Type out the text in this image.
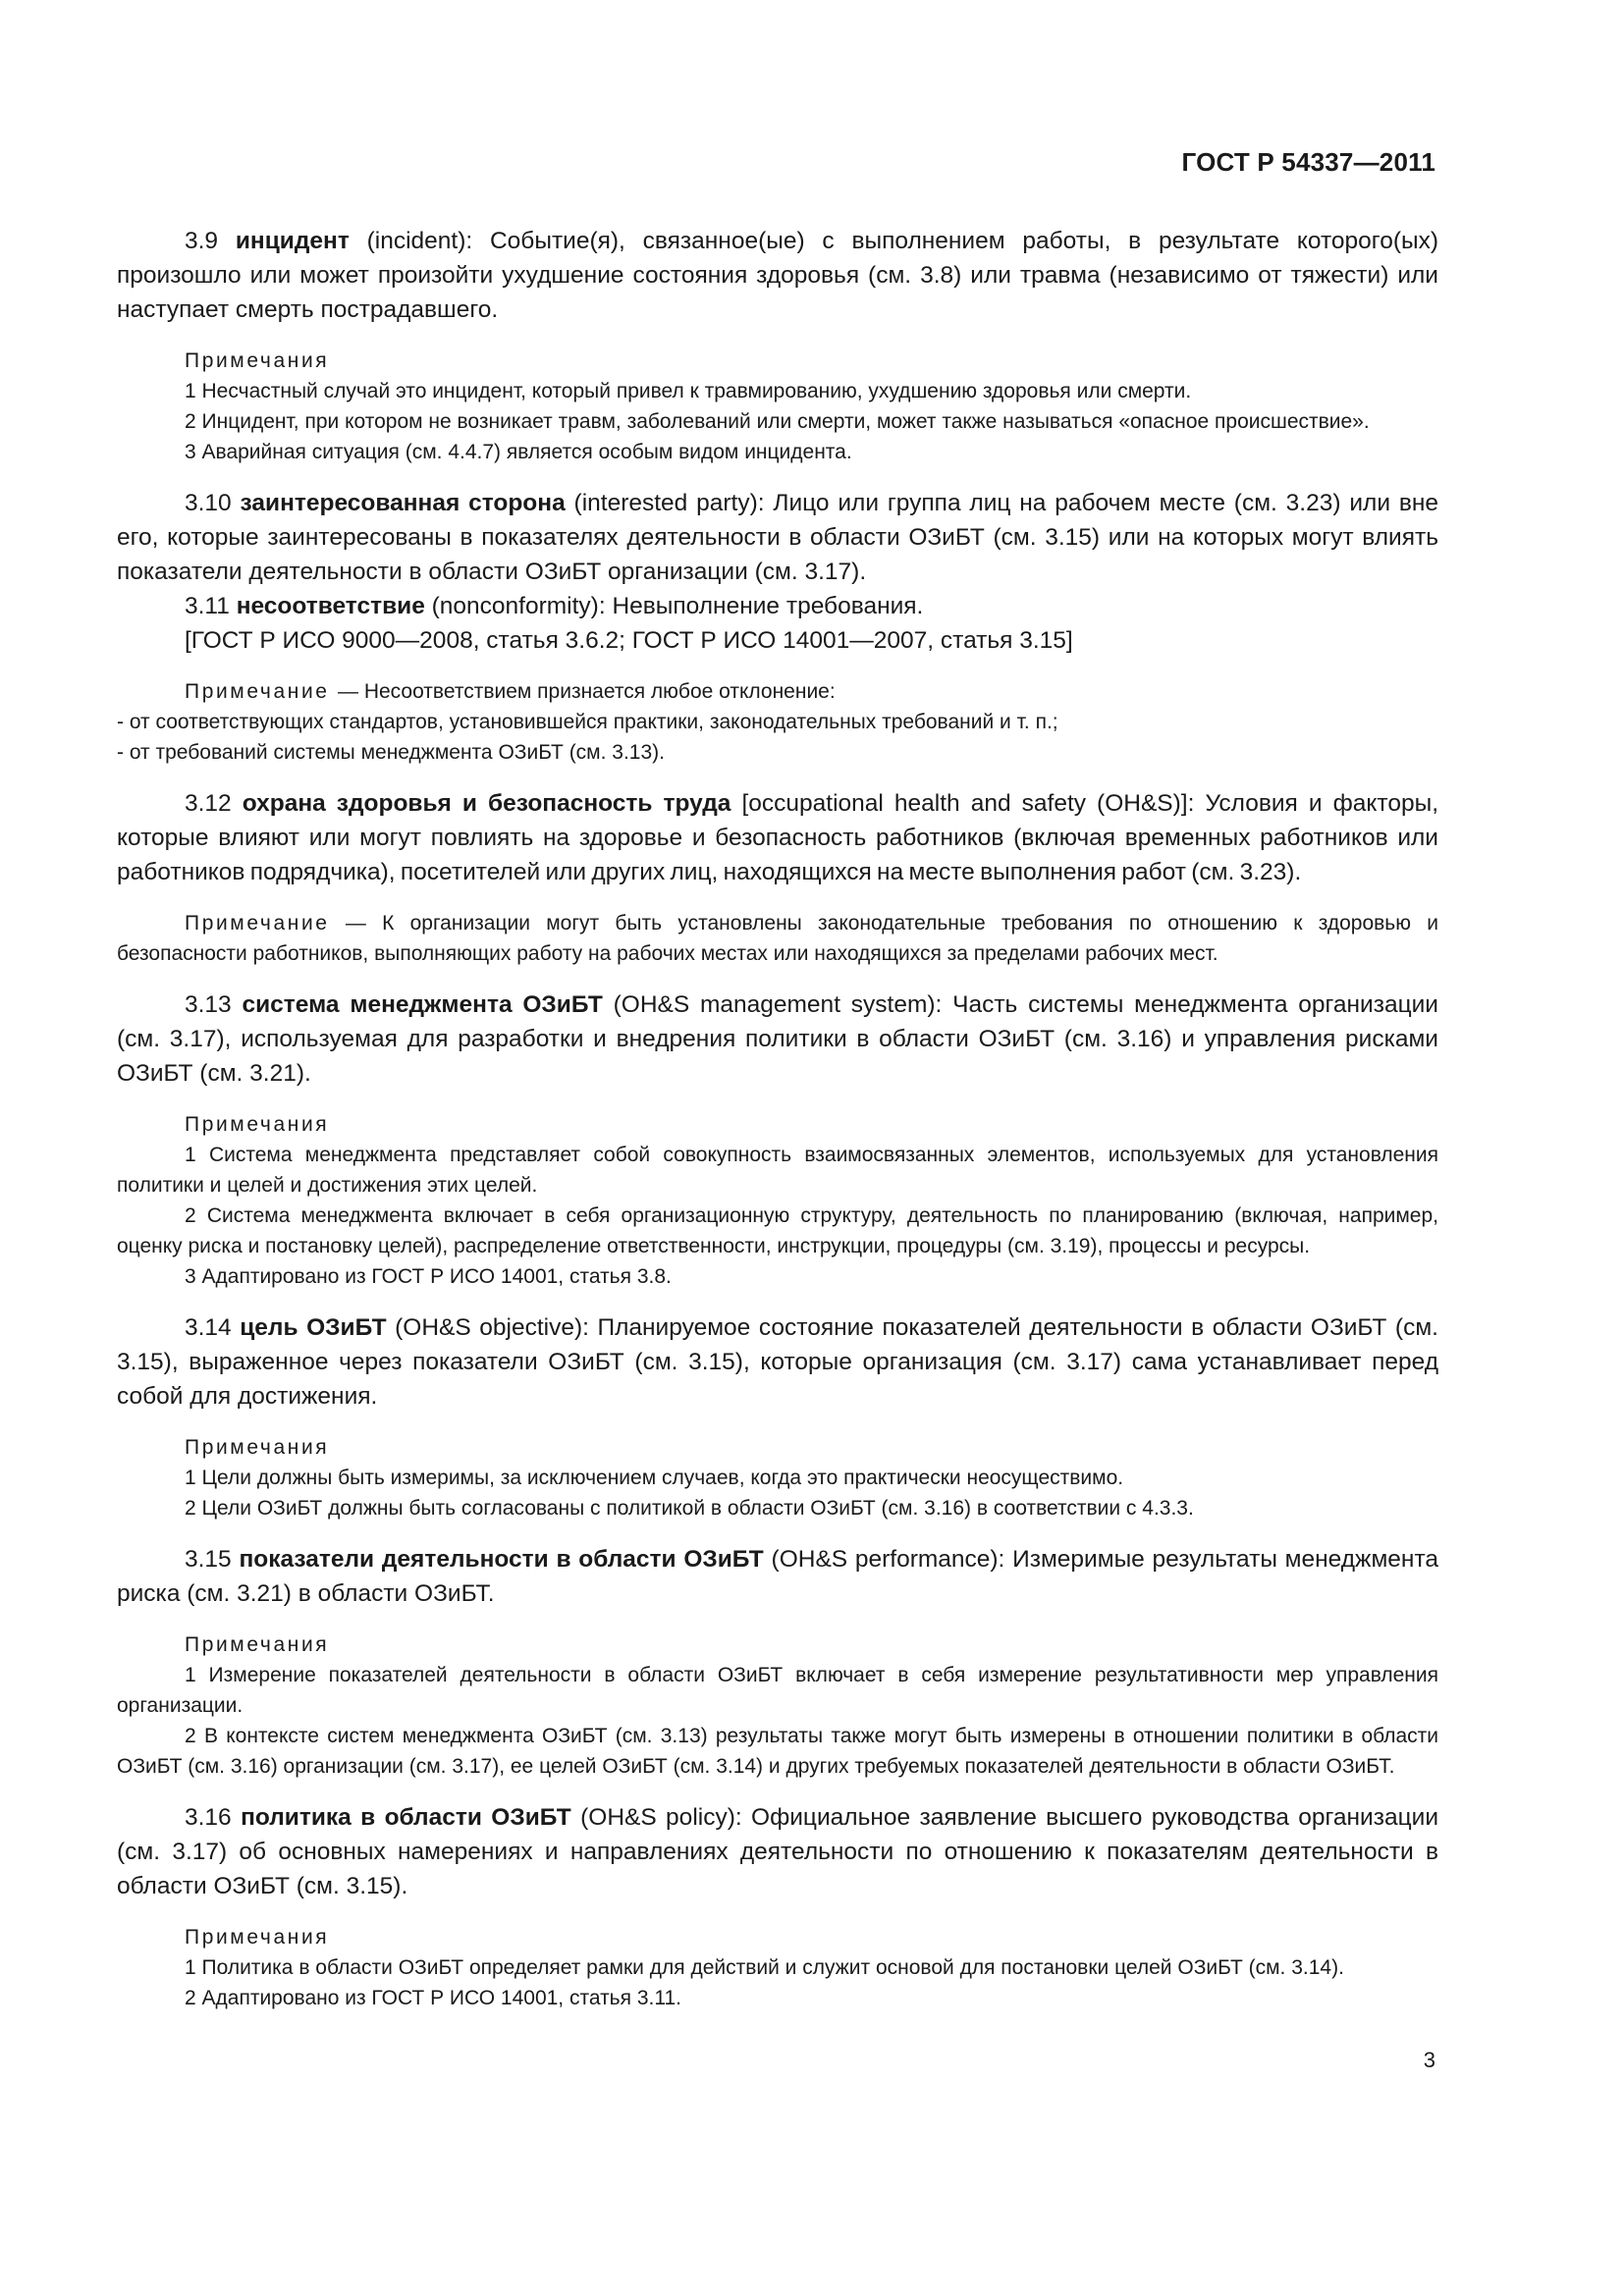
ГОСТ Р 54337—2011

3.9 инцидент (incident): Событие(я), связанное(ые) с выполнением работы, в результате которого(ых) произошло или может произойти ухудшение состояния здоровья (см. 3.8) или травма (независимо от тяжести) или наступает смерть пострадавшего.

Примечания

1 Несчастный случай это инцидент, который привел к травмированию, ухудшению здоровья или смерти.

2 Инцидент, при котором не возникает травм, заболеваний или смерти, может также называться «опасное происшествие».

3 Аварийная ситуация (см. 4.4.7) является особым видом инцидента.

3.10 заинтересованная сторона (interested party): Лицо или группа лиц на рабочем месте (см. 3.23) или вне его, которые заинтересованы в показателях деятельности в области ОЗиБТ (см. 3.15) или на которых могут влиять показатели деятельности в области ОЗиБТ организации (см. 3.17).

3.11 несоответствие (nonconformity): Невыполнение требования.

[ГОСТ Р ИСО 9000—2008, статья 3.6.2; ГОСТ Р ИСО 14001—2007, статья 3.15]

Примечание — Несоответствием признается любое отклонение:

- от соответствующих стандартов, установившейся практики, законодательных требований и т. п.;

- от требований системы менеджмента ОЗиБТ (см. 3.13).

3.12 охрана здоровья и безопасность труда [occupational health and safety (OH&S)]: Условия и факторы, которые влияют или могут повлиять на здоровье и безопасность работников (включая временных работников или работников подрядчика), посетителей или других лиц, находящихся на месте выполнения работ (см. 3.23).

Примечание — К организации могут быть установлены законодательные требования по отношению к здоровью и безопасности работников, выполняющих работу на рабочих местах или находящихся за пределами рабочих мест.

3.13 система менеджмента ОЗиБТ (OH&S management system): Часть системы менеджмента организации (см. 3.17), используемая для разработки и внедрения политики в области ОЗиБТ (см. 3.16) и управления рисками ОЗиБТ (см. 3.21).

Примечания

1 Система менеджмента представляет собой совокупность взаимосвязанных элементов, используемых для установления политики и целей и достижения этих целей.

2 Система менеджмента включает в себя организационную структуру, деятельность по планированию (включая, например, оценку риска и постановку целей), распределение ответственности, инструкции, процедуры (см. 3.19), процессы и ресурсы.

3 Адаптировано из ГОСТ Р ИСО 14001, статья 3.8.

3.14 цель ОЗиБТ (OH&S objective): Планируемое состояние показателей деятельности в области ОЗиБТ (см. 3.15), выраженное через показатели ОЗиБТ (см. 3.15), которые организация (см. 3.17) сама устанавливает перед собой для достижения.

Примечания

1 Цели должны быть измеримы, за исключением случаев, когда это практически неосуществимо.

2 Цели ОЗиБТ должны быть согласованы с политикой в области ОЗиБТ (см. 3.16) в соответствии с 4.3.3.

3.15 показатели деятельности в области ОЗиБТ (OH&S performance): Измеримые результаты менеджмента риска (см. 3.21) в области ОЗиБТ.

Примечания

1 Измерение показателей деятельности в области ОЗиБТ включает в себя измерение результативности мер управления организации.

2 В контексте систем менеджмента ОЗиБТ (см. 3.13) результаты также могут быть измерены в отношении политики в области ОЗиБТ (см. 3.16) организации (см. 3.17), ее целей ОЗиБТ (см. 3.14) и других требуемых показателей деятельности в области ОЗиБТ.

3.16 политика в области ОЗиБТ (OH&S policy): Официальное заявление высшего руководства организации (см. 3.17) об основных намерениях и направлениях деятельности по отношению к показателям деятельности в области ОЗиБТ (см. 3.15).

Примечания

1 Политика в области ОЗиБТ определяет рамки для действий и служит основой для постановки целей ОЗиБТ (см. 3.14).

2 Адаптировано из ГОСТ Р ИСО 14001, статья 3.11.

3
